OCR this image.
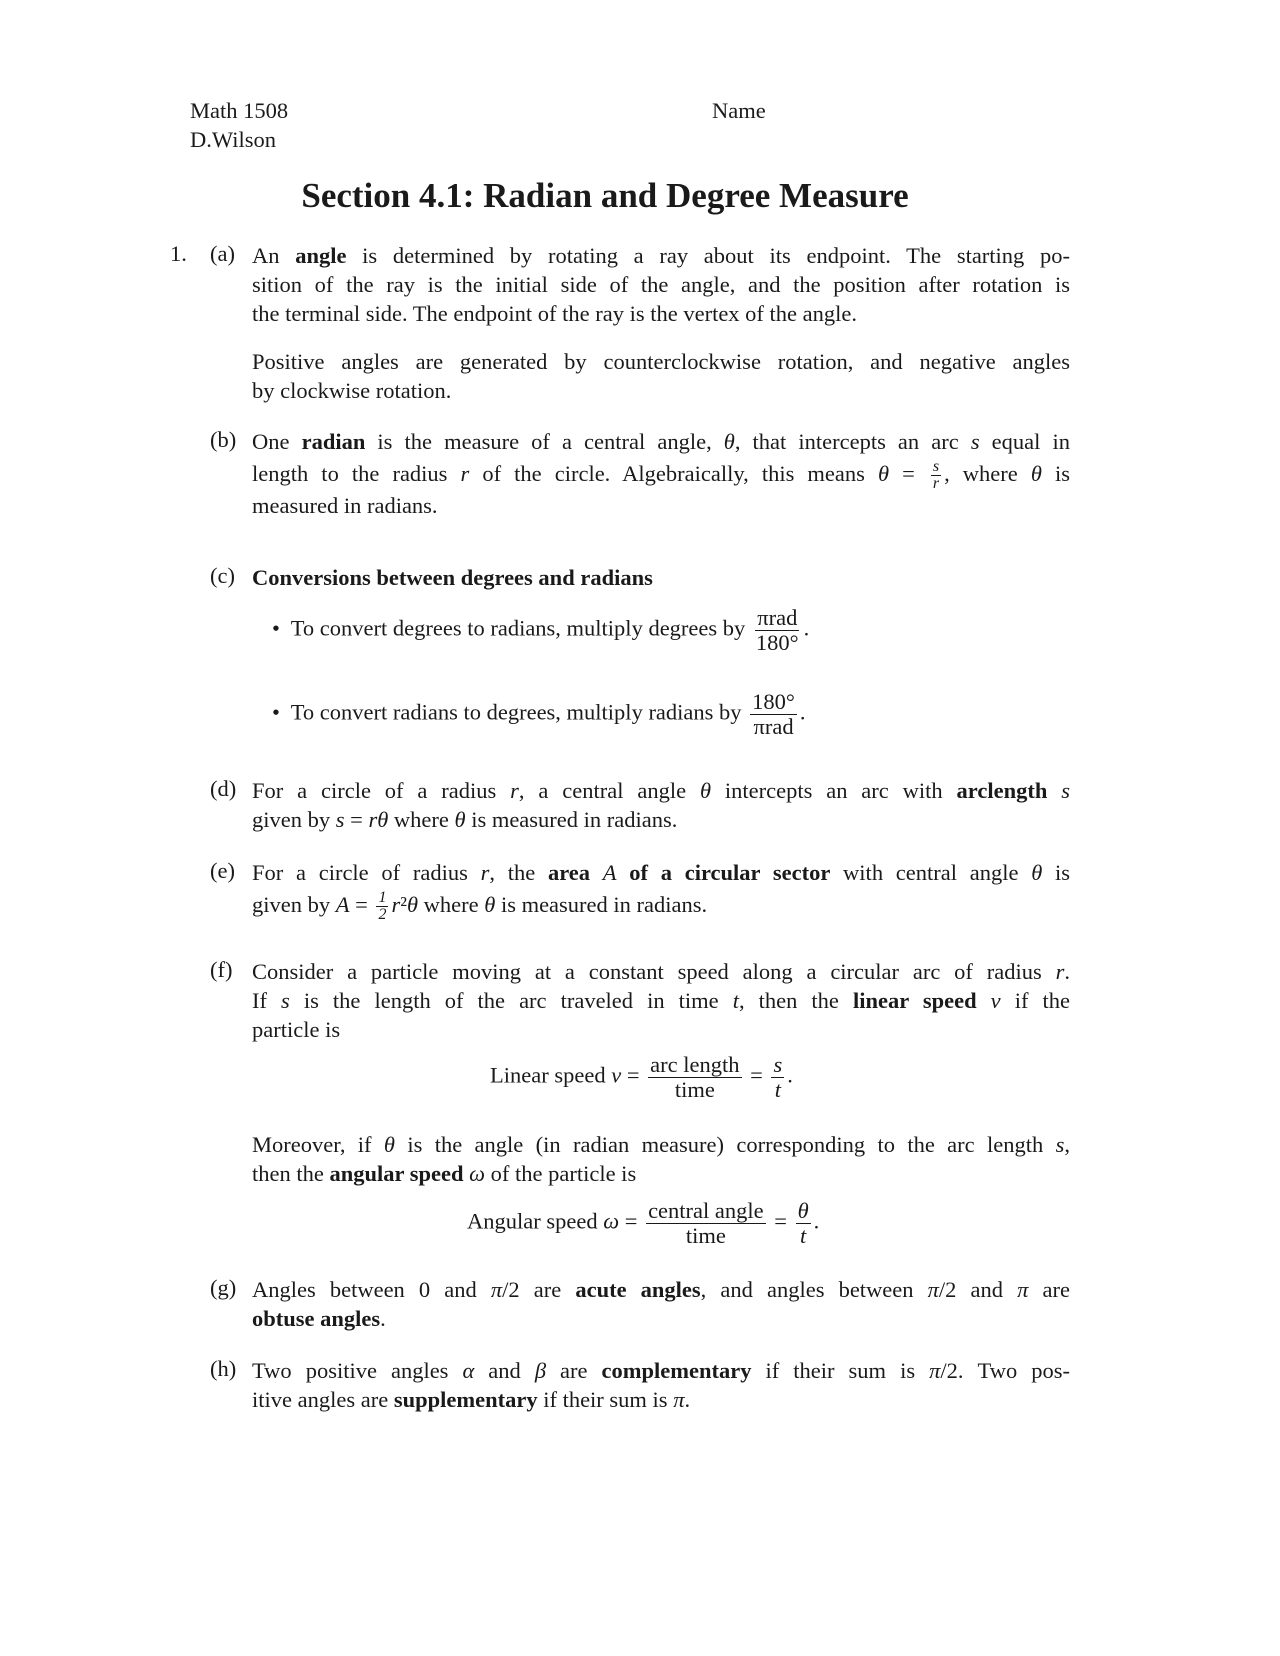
Math 1508
D.Wilson
Name
Section 4.1: Radian and Degree Measure
1. (a) An angle is determined by rotating a ray about its endpoint. The starting po-
sition of the ray is the initial side of the angle, and the position after rotation is
the terminal side. The endpoint of the ray is the vertex of the angle.
Positive angles are generated by counterclockwise rotation, and negative angles
by clockwise rotation.
(b) One radian is the measure of a central angle, θ, that intercepts an arc s equal in
length to the radius r of the circle. Algebraically, this means $\theta = \frac{s}{r}$ , where θ is
measured in radians.
(c) Conversions between degrees and radians
• To convert degrees to radians, multiply degrees by $\frac{\text{πrad}}{180^\circ}$ .
• To convert radians to degrees, multiply radians by $\frac{180^\circ}{\text{πrad}}$ .
(d) For a circle of a radius r, a central angle θ intercepts an arc with arclength s
given by s = rθ where θ is measured in radians.
(e) For a circle of radius r, the area A of a circular sector with central angle θ is
given by $A = \frac{1}{2} r^2\theta$ where θ is measured in radians.
(f) Consider a particle moving at a constant speed along a circular arc of radius r.
If s is the length of the arc traveled in time t, then the linear speed v if the
particle is
Linear speed $v = \frac{\text{arc length}}{\text{time}} = \frac{s}{t}$ .
Moreover, if θ is the angle (in radian measure) corresponding to the arc length s,
then the angular speed ω of the particle is
Angular speed $\omega = \frac{\text{central angle}}{\text{time}} = \frac{\theta}{t}$ .
(g) Angles between 0 and π/2 are acute angles, and angles between π/2 and π are
obtuse angles.
(h) Two positive angles α and β are complementary if their sum is π/2. Two pos-
itive angles are supplementary if their sum is π.
